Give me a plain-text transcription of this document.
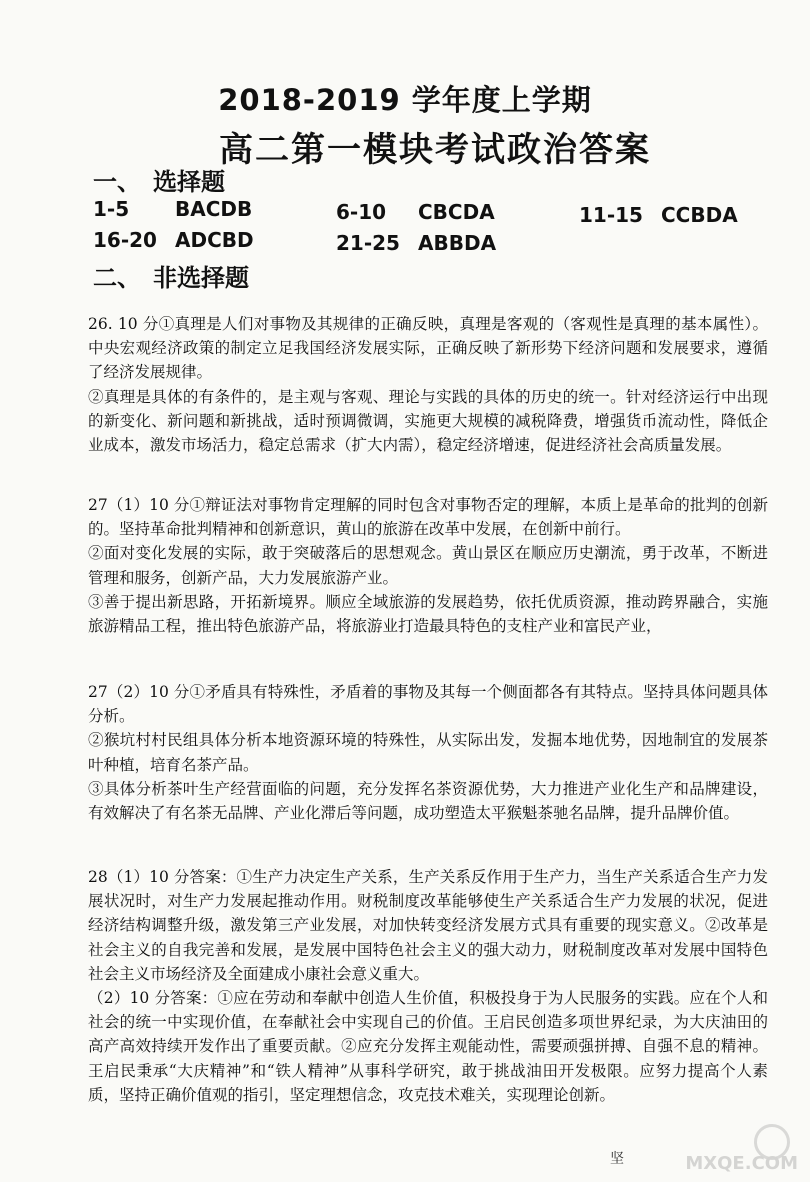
2018-2019 学年度上学期
高二第一模块考试政治答案
一、 选择题
1-5 BACDB	6-10 CBCDA	11-15 CCBDA
16-20 ADCBD	21-25 ABBDA
二、 非选择题

26. 10 分①真理是人们对事物及其规律的正确反映，真理是客观的（客观性是真理的基本属性）。中央宏观经济政策的制定立足我国经济发展实际，正确反映了新形势下经济问题和发展要求，遵循了经济发展规律。

②真理是具体的有条件的，是主观与客观、理论与实践的具体的历史的统一。针对经济运行中出现的新变化、新问题和新挑战，适时预调微调，实施更大规模的减税降费，增强货币流动性，降低企业成本，激发市场活力，稳定总需求（扩大内需），稳定经济增速，促进经济社会高质量发展。

27（1）10 分①辩证法对事物肯定理解的同时包含对事物否定的理解，本质上是革命的批判的创新的。坚持革命批判精神和创新意识，黄山的旅游在改革中发展，在创新中前行。

②面对变化发展的实际，敢于突破落后的思想观念。黄山景区在顺应历史潮流，勇于改革，不断进管理和服务，创新产品，大力发展旅游产业。

③善于提出新思路，开拓新境界。顺应全域旅游的发展趋势，依托优质资源，推动跨界融合，实施旅游精品工程，推出特色旅游产品，将旅游业打造最具特色的支柱产业和富民产业，

27（2）10 分①矛盾具有特殊性，矛盾着的事物及其每一个侧面都各有其特点。坚持具体问题具体分析。

②猴坑村村民组具体分析本地资源环境的特殊性，从实际出发，发掘本地优势，因地制宜的发展茶叶种植，培育名茶产品。

③具体分析茶叶生产经营面临的问题，充分发挥名茶资源优势，大力推进产业化生产和品牌建设，有效解决了有名茶无品牌、产业化滞后等问题，成功塑造太平猴魁茶驰名品牌，提升品牌价值。

28（1）10 分答案：①生产力决定生产关系，生产关系反作用于生产力，当生产关系适合生产力发展状况时，对生产力发展起推动作用。财税制度改革能够使生产关系适合生产力发展的状况，促进经济结构调整升级，激发第三产业发展，对加快转变经济发展方式具有重要的现实意义。②改革是社会主义的自我完善和发展，是发展中国特色社会主义的强大动力，财税制度改革对发展中国特色社会主义市场经济及全面建成小康社会意义重大。

（2）10 分答案：①应在劳动和奉献中创造人生价值，积极投身于为人民服务的实践。应在个人和社会的统一中实现价值，在奉献社会中实现自己的价值。王启民创造多项世界纪录，为大庆油田的高产高效持续开发作出了重要贡献。②应充分发挥主观能动性，需要顽强拼搏、自强不息的精神。王启民秉承“大庆精神”和“铁人精神”从事科学研究，敢于挑战油田开发极限。应努力提高个人素质，坚持正确价值观的指引，坚定理想信念，攻克技术难关，实现理论创新。

坚	MXQE.COM
